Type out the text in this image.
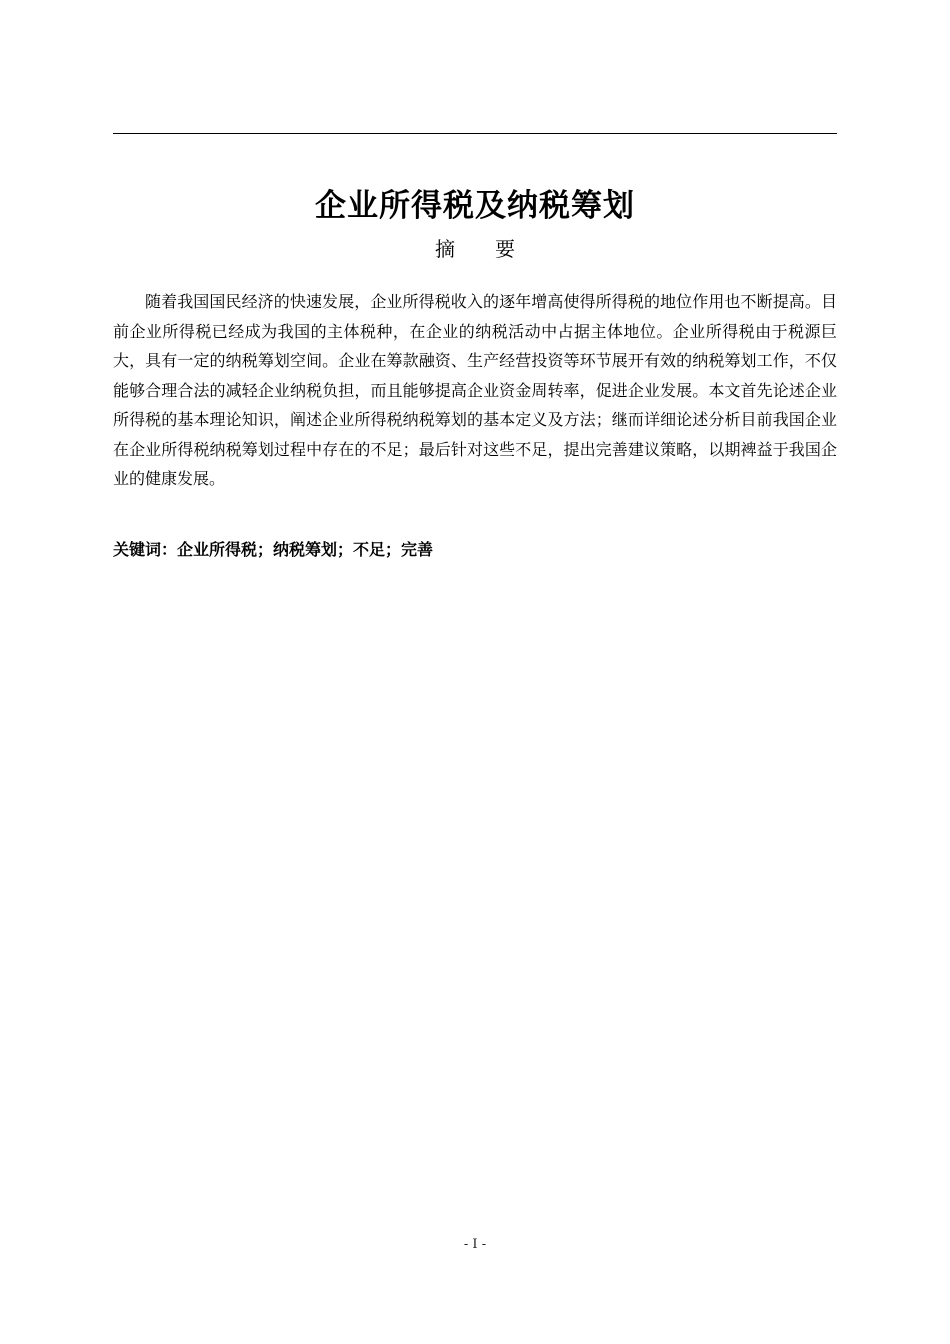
企业所得税及纳税筹划
摘　　要

随着我国国民经济的快速发展，企业所得税收入的逐年增高使得所得税的地位作用也不断提高。目前企业所得税已经成为我国的主体税种，在企业的纳税活动中占据主体地位。企业所得税由于税源巨大，具有一定的纳税筹划空间。企业在筹款融资、生产经营投资等环节展开有效的纳税筹划工作，不仅能够合理合法的减轻企业纳税负担，而且能够提高企业资金周转率，促进企业发展。本文首先论述企业所得税的基本理论知识，阐述企业所得税纳税筹划的基本定义及方法；继而详细论述分析目前我国企业在企业所得税纳税筹划过程中存在的不足；最后针对这些不足，提出完善建议策略，以期裨益于我国企业的健康发展。

关键词：企业所得税；纳税筹划；不足；完善
- I -
